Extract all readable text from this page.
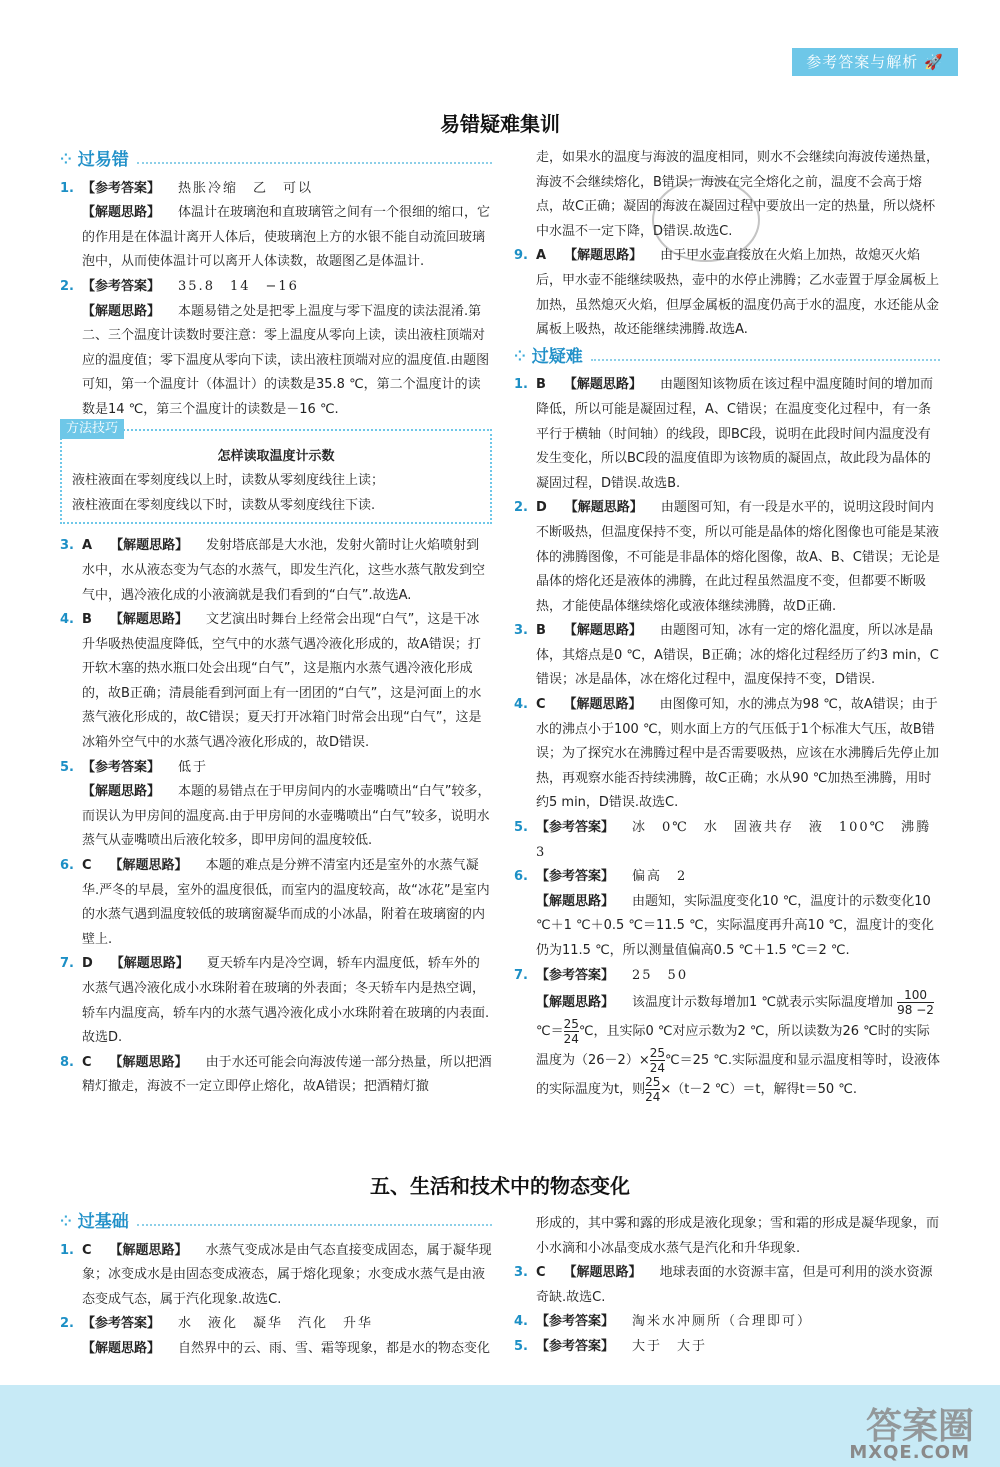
参考答案与解析 🚀
易错疑难集训
⁘ 过易错
1. 【参考答案】 热胀冷缩　乙　可以
【解题思路】 体温计在玻璃泡和直玻璃管之间有一个很细的缩口，它的作用是在体温计离开人体后，使玻璃泡上方的水银不能自动流回玻璃泡中，从而使体温计可以离开人体读数，故题图乙是体温计.
2. 【参考答案】 35.8　14　−16
【解题思路】 本题易错之处是把零上温度与零下温度的读法混淆.第二、三个温度计读数时要注意：零上温度从零向上读，读出液柱顶端对应的温度值；零下温度从零向下读，读出液柱顶端对应的温度值.由题图可知，第一个温度计（体温计）的读数是35.8 ℃，第二个温度计的读数是14 ℃，第三个温度计的读数是－16 ℃.
方法技巧
怎样读取温度计示数

液柱液面在零刻度线以上时，读数从零刻度线往上读；

液柱液面在零刻度线以下时，读数从零刻度线往下读.

3. A 【解题思路】 发射塔底部是大水池，发射火箭时让火焰喷射到水中，水从液态变为气态的水蒸气，即发生汽化，这些水蒸气散发到空气中，遇冷液化成的小液滴就是我们看到的“白气”.故选A.
4. B 【解题思路】 文艺演出时舞台上经常会出现“白气”，这是干冰升华吸热使温度降低，空气中的水蒸气遇冷液化形成的，故A错误；打开软木塞的热水瓶口处会出现“白气”，这是瓶内水蒸气遇冷液化形成的，故B正确；清晨能看到河面上有一团团的“白气”，这是河面上的水蒸气液化形成的，故C错误；夏天打开冰箱门时常会出现“白气”，这是冰箱外空气中的水蒸气遇冷液化形成的，故D错误.
5. 【参考答案】 低于
【解题思路】 本题的易错点在于甲房间内的水壶嘴喷出“白气”较多，而误认为甲房间的温度高.由于甲房间的水壶嘴喷出“白气”较多，说明水蒸气从壶嘴喷出后液化较多，即甲房间的温度较低.
6. C 【解题思路】 本题的难点是分辨不清室内还是室外的水蒸气凝华.严冬的早晨，室外的温度很低，而室内的温度较高，故“冰花”是室内的水蒸气遇到温度较低的玻璃窗凝华而成的小冰晶，附着在玻璃窗的内壁上.
7. D 【解题思路】 夏天轿车内是冷空调，轿车内温度低，轿车外的水蒸气遇冷液化成小水珠附着在玻璃的外表面；冬天轿车内是热空调，轿车内温度高，轿车内的水蒸气遇冷液化成小水珠附着在玻璃的内表面.故选D.
8. C 【解题思路】 由于水还可能会向海波传递一部分热量，所以把酒精灯撤走，海波不一定立即停止熔化，故A错误；把酒精灯撤
走，如果水的温度与海波的温度相同，则水不会继续向海波传递热量，海波不会继续熔化，B错误；海波在完全熔化之前，温度不会高于熔点，故C正确；凝固的海波在凝固过程中要放出一定的热量，所以烧杯中水温不一定下降，D错误.故选C.
9. A 【解题思路】 由于甲水壶直接放在火焰上加热，故熄灭火焰后，甲水壶不能继续吸热，壶中的水停止沸腾；乙水壶置于厚金属板上加热，虽然熄灭火焰，但厚金属板的温度仍高于水的温度，水还能从金属板上吸热，故还能继续沸腾.故选A.
⁘ 过疑难
1. B 【解题思路】 由题图知该物质在该过程中温度随时间的增加而降低，所以可能是凝固过程，A、C错误；在温度变化过程中，有一条平行于横轴（时间轴）的线段，即BC段，说明在此段时间内温度没有发生变化，所以BC段的温度值即为该物质的凝固点，故此段为晶体的凝固过程，D错误.故选B.
2. D 【解题思路】 由题图可知，有一段是水平的，说明这段时间内不断吸热，但温度保持不变，所以可能是晶体的熔化图像也可能是某液体的沸腾图像，不可能是非晶体的熔化图像，故A、B、C错误；无论是晶体的熔化还是液体的沸腾，在此过程虽然温度不变，但都要不断吸热，才能使晶体继续熔化或液体继续沸腾，故D正确.
3. B 【解题思路】 由题图可知，冰有一定的熔化温度，所以冰是晶体，其熔点是0 ℃，A错误，B正确；冰的熔化过程经历了约3 min，C错误；冰是晶体，冰在熔化过程中，温度保持不变，D错误.
4. C 【解题思路】 由图像可知，水的沸点为98 ℃，故A错误；由于水的沸点小于100 ℃，则水面上方的气压低于1个标准大气压，故B错误；为了探究水在沸腾过程中是否需要吸热，应该在水沸腾后先停止加热，再观察水能否持续沸腾，故C正确；水从90 ℃加热至沸腾，用时约5 min，D错误.故选C.
5. 【参考答案】 冰　0℃　水　固液共存　液　100℃　沸腾　3
6. 【参考答案】 偏高　2
【解题思路】 由题知，实际温度变化10 ℃，温度计的示数变化10 ℃＋1 ℃＋0.5 ℃＝11.5 ℃，实际温度再升高10 ℃，温度计的变化仍为11.5 ℃，所以测量值偏高0.5 ℃＋1.5 ℃＝2 ℃.
7. 【参考答案】 25　50
【解题思路】 该温度计示数每增加1 ℃就表示实际温度增加 $\frac{100}{98 -2}$
℃＝ $\frac{25}{24}$ ℃，且实际0 ℃对应示数为2 ℃，所以读数为26 ℃时的实际温度为$(26-2)\times \frac{25}{24}$ ℃＝25 ℃.实际温度和显示温度相等时，设液体的实际温度为t，则 $\frac{25}{24} \times(t-2$ ℃）＝t，解得t＝50 ℃.
五、生活和技术中的物态变化
⁘ 过基础
1. C 【解题思路】 水蒸气变成冰是由气态直接变成固态，属于凝华现象；冰变成水是由固态变成液态，属于熔化现象；水变成水蒸气是由液态变成气态，属于汽化现象.故选C.
2. 【参考答案】 水　液化　凝华　汽化　升华
【解题思路】 自然界中的云、雨、雪、霜等现象，都是水的物态变化
形成的，其中雾和露的形成是液化现象；雪和霜的形成是凝华现象，而小水滴和小冰晶变成水蒸气是汽化和升华现象.
3. C 【解题思路】 地球表面的水资源丰富，但是可利用的淡水资源奇缺.故选C.
4. 【参考答案】 淘米水冲厕所（合理即可）
5. 【参考答案】 大于　大于
答案圈
MXQE.COM
